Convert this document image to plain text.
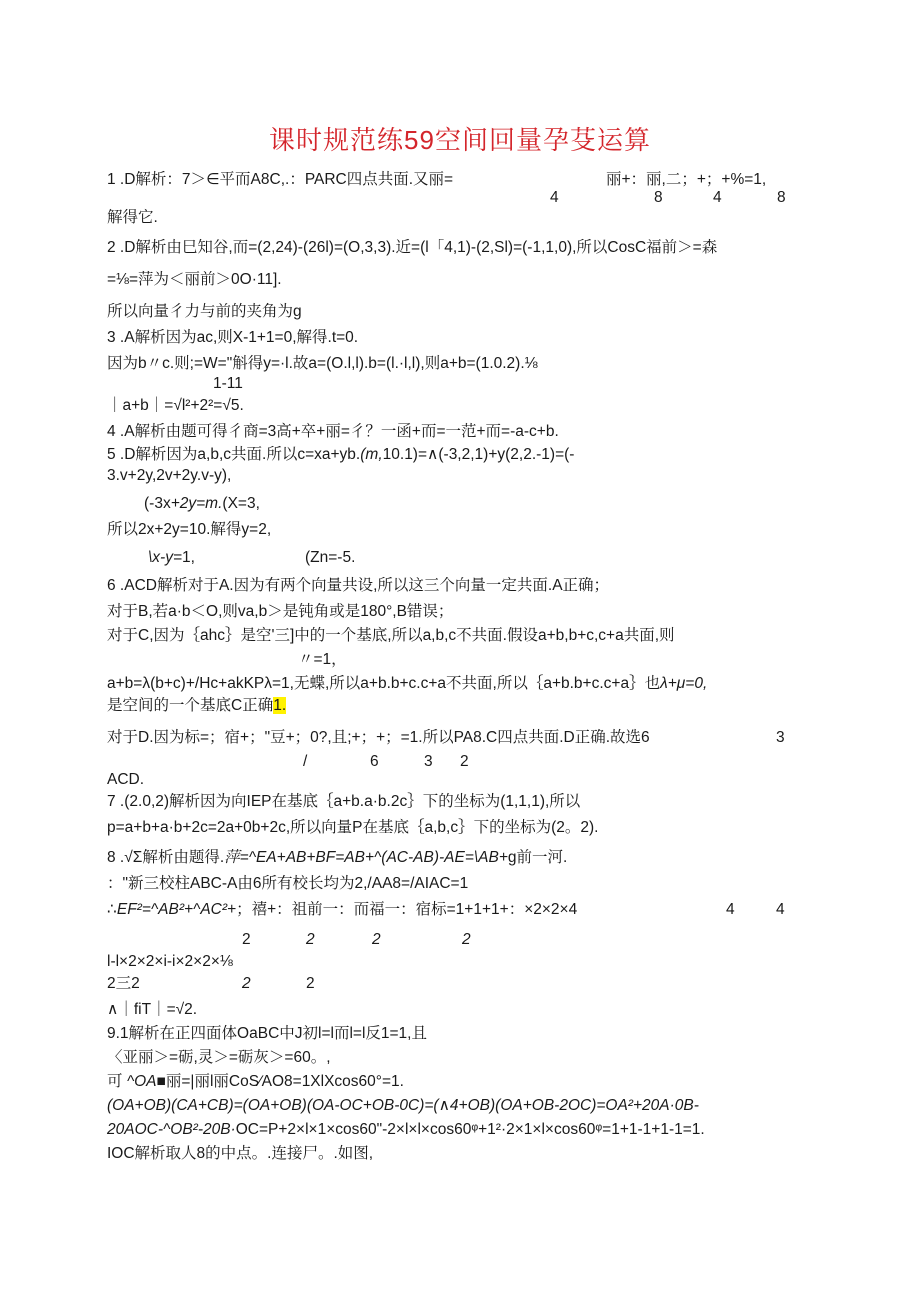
课时规范练59空间回量孕芟运算
1 .D解析：7＞∈平而A8C,.：PARC四点共面.又丽=	丽+：丽,二；+；+%=1,
4	8	4	8
解得它.
2 .D解析由巳知谷,而=(2,24)-(26l)=(O,3,3).近=(l「4,1)-(2,Sl)=(-1,1,0),所以CosC福前＞=森
=⅛=萍为＜丽前＞0O·11].
所以向量彳力与前的夹角为g
3 .A解析因为ac,则X-1+1=0,解得.t=0.
因为b〃c.则;=W="斛得y=·l.故a=(O.l,l).b=(l.·l,l),则a+b=(1.0.2).⅛
1-11
｜a+b｜=√l²+2²=√5.
4 .A解析由题可得彳商=3高+卒+丽=彳？一函+而=一范+而=-a-c+b.
5 .D解析因为a,b,c共面.所以c=xa+yb.(m,10.1)=∧(-3,2,1)+y(2,2.-1)=(-
3.v+2y,2v+2y.v-y),
(-3x+2y=m.(X=3,
所以2x+2y=10.解得y=2,
\x-y=1,	(Zn=-5.
6 .ACD解析对于A.因为有两个向量共设,所以这三个向量一定共面.A正确；
对于B,若a·b＜O,则va,b＞是钝角或是180°,B错误；
对于C,因为｛ahc｝是空'三]中的一个基底,所以a,b,c不共面.假设a+b,b+c,c+a共面,则
〃=1，
a+b=λ(b+c)+/Hc+akKPλ=1,无蝶,所以a+b.b+c.c+a不共面,所以｛a+b.b+c.c+a｝也λ+μ=0,
是空间的一个基底C正确1.
对于D.因为标=；宿+；"豆+；0?,且;+；+；=1.所以PA8.C四点共面.D正确.故选6	3
/	6	3 2
ACD.
7 .(2.0,2)解析因为向IEP在基底｛a+b.a·b.2c｝下的坐标为(1,1,1),所以
p=a+b+a·b+2c=2a+0b+2c,所以向量P在基底｛a,b,c｝下的坐标为(2。2).
8 .√Σ解析由题得.萍=^EA+AB+BF=AB+^(AC-AB)-AE=\AB+g前一河.
："新三校柱ABC-A由6所有校长均为2,/AA8=/AIAC=1
∴EF²=^AB²+^AC²+；禧+：祖前一：而福一：宿标=1+1+1+：×2×2×4	4	4
2	2	2	2
l-l×2×2×i-i×2×2×⅛
2三2	2	2
∧｜fiT｜=√2.
9.1解析在正四面体OaBC中J初l=l而l=l反1=1,且
〈亚丽＞=砺,灵＞=砺灰＞=60。,
可 ^OA■丽=|丽l丽CoS∕AO8=1XlXcos60°=1.
(OA+OB)(CA+CB)=(OA+OB)(OA-OC+OB-0C)=(∧4+OB)(OA+OB-2OC)=OA²+20A·0B-
20AOC-^OB²-20B·OC=P+2×l×1×cos60"-2×l×l×cos60ᵠ+1²·2×1×l×cos60ᵠ=1+1-1+1-1=1.
IOC解析取人8的中点。.连接尸。.如图,
